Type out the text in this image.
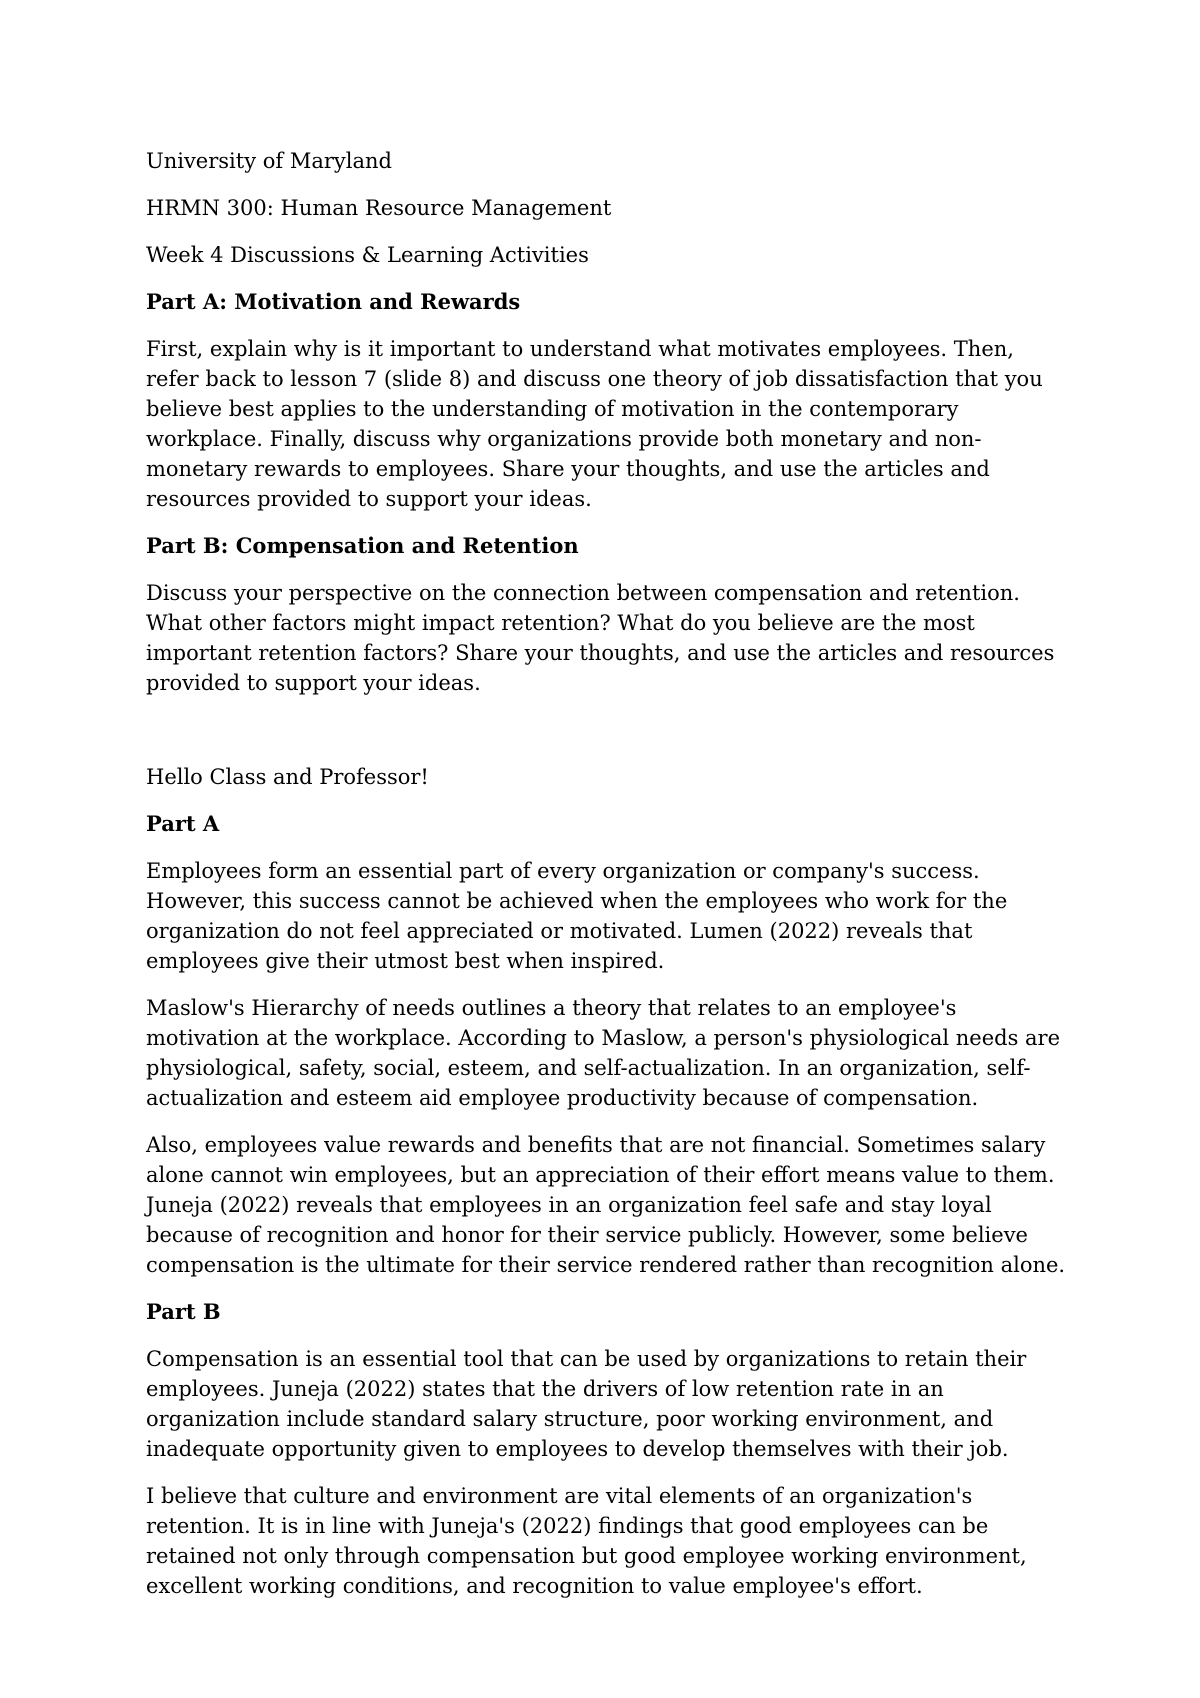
University of Maryland

HRMN 300: Human Resource Management

Week 4 Discussions & Learning Activities

Part A: Motivation and Rewards

First, explain why is it important to understand what motivates employees. Then, refer back to lesson 7 (slide 8) and discuss one theory of job dissatisfaction that you believe best applies to the understanding of motivation in the contemporary workplace. Finally, discuss why organizations provide both monetary and non-monetary rewards to employees. Share your thoughts, and use the articles and resources provided to support your ideas.

Part B: Compensation and Retention

Discuss your perspective on the connection between compensation and retention. What other factors might impact retention? What do you believe are the most important retention factors? Share your thoughts, and use the articles and resources provided to support your ideas.

Hello Class and Professor!

Part A

Employees form an essential part of every organization or company's success. However, this success cannot be achieved when the employees who work for the organization do not feel appreciated or motivated. Lumen (2022) reveals that employees give their utmost best when inspired.

Maslow's Hierarchy of needs outlines a theory that relates to an employee's motivation at the workplace. According to Maslow, a person's physiological needs are physiological, safety, social, esteem, and self-actualization. In an organization, self-actualization and esteem aid employee productivity because of compensation.

Also, employees value rewards and benefits that are not financial. Sometimes salary alone cannot win employees, but an appreciation of their effort means value to them. Juneja (2022) reveals that employees in an organization feel safe and stay loyal because of recognition and honor for their service publicly. However, some believe compensation is the ultimate for their service rendered rather than recognition alone.

Part B

Compensation is an essential tool that can be used by organizations to retain their employees. Juneja (2022) states that the drivers of low retention rate in an organization include standard salary structure, poor working environment, and inadequate opportunity given to employees to develop themselves with their job.

I believe that culture and environment are vital elements of an organization's retention. It is in line with Juneja's (2022) findings that good employees can be retained not only through compensation but good employee working environment, excellent working conditions, and recognition to value employee's effort.
